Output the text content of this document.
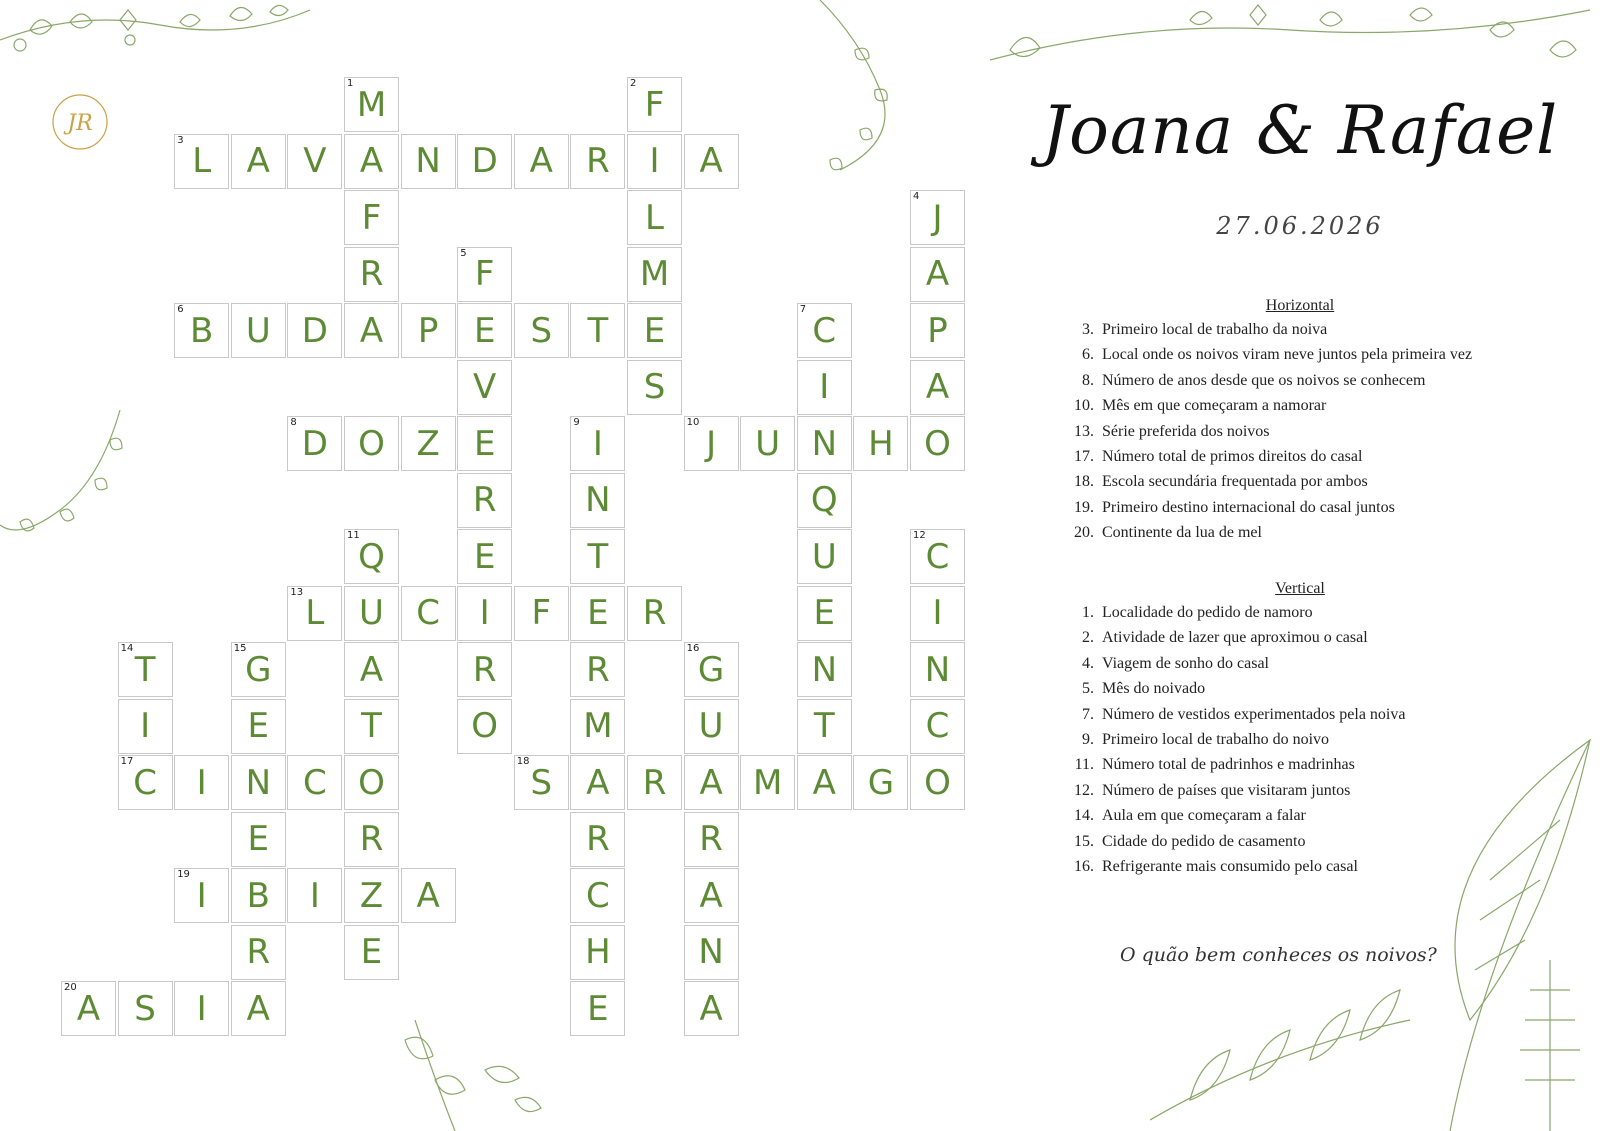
JR
1
M
A
F
R
A
2
F
I
L
M
E
S
3
L	A V	N D A R	A
4
J
A
P
A
O
5
F
E
V
E
R
E
I
R
O
6
B U D	P	S	T
7
C
I
N
Q
U
E
N
T
A
8
D O Z
9
I
N
T
E
R
M
A
R
C
H
E
10
J	U	H
11
Q
U
A
T
O
R
Z
E
12
C
I
N
C
O
13
L	C	F	R
14
T
I
17
C
15
G
E
N
E
B
R
A
16
G
U
A
R
A
N
A
I	C
18
S	R	M	G
19
I	I	A
20
A	S	I
Joana & Rafael
27.06.2026
Horizontal
3. Primeiro local de trabalho da noiva
6. Local onde os noivos viram neve juntos pela primeira vez
8. Número de anos desde que os noivos se conhecem
10. Mês em que começaram a namorar
13. Série preferida dos noivos
17. Número total de primos direitos do casal
18. Escola secundária frequentada por ambos
19. Primeiro destino internacional do casal juntos
20. Continente da lua de mel
Vertical
1. Localidade do pedido de namoro
2. Atividade de lazer que aproximou o casal
4. Viagem de sonho do casal
5. Mês do noivado
7. Número de vestidos experimentados pela noiva
9. Primeiro local de trabalho do noivo
11. Número total de padrinhos e madrinhas
12. Número de países que visitaram juntos
14. Aula em que começaram a falar
15. Cidade do pedido de casamento
16. Refrigerante mais consumido pelo casal
O quão bem conheces os noivos?
